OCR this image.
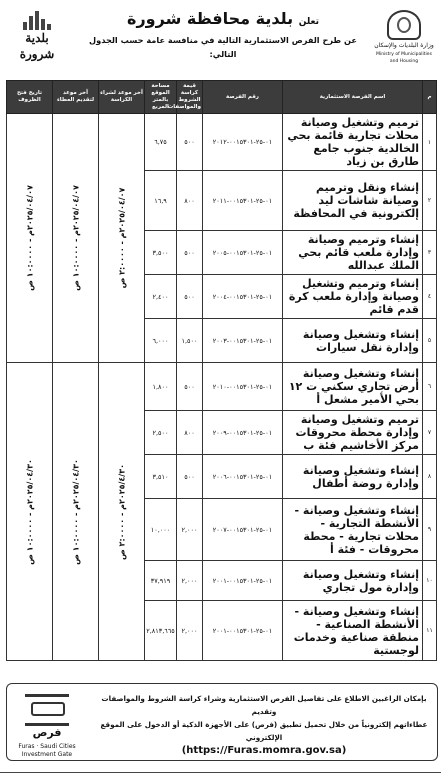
وزارة البلديات والإسكان
Ministry of Municipalities and Housing
تعلن بلدية محافظة شرورة
عن طرح الفرص الاستثمارية التالية في منافسة عامة حسب الجدول التالي:
بلدية شرورة
م	اسم الفرصة الاستثمارية	رقم الفرصة	قيمة كراسة الشروط والمواصفات	مساحة الموقع بالمتر المربع	آخر موعد لشراء الكراسة	آخر موعد لتقديم العطاء	تاريخ فتح الظروف
١	ترميم وتشغيل وصيانة محلات تجارية قائمة بحي الخالدية جنوب جامع طارق بن زياد	٠١-٢٥-٠٠١٥٣٠١-٢٠١٢	٥٠٠	٦,٧٥	٢٠٢٥/٠٤/٠٧م - ٢:٠٠٠٠ ص	٢٠٢٥/٠٤/٠٧م - ١٠:٠٠٠٠ ص	٢٠٢٥/٠٤/٠٧م - ١٠:٠٠٠٠ ص

٢	إنشاء ونقل وترميم وصيانة شاشات ليد إلكترونية في المحافظة	٠١-٢٥-٠٠١٥٣٠١-٢٠١١	٨٠٠	١٦,٩			
٣	إنشاء وترميم وصيانة وإدارة ملعب قائم بحي الملك عبدالله	٠١-٢٥-٠٠١٥٣٠١-٢٠٠٥	٥٠٠	٣,٥٠٠			
٤	إنشاء وترميم وتشغيل وصيانة وإدارة ملعب كرة قدم قائم	٠١-٢٥-٠٠١٥٣٠١-٢٠٠٤	٥٠٠	٢,٤٠٠			
٥	إنشاء وتشغيل وصيانة وإدارة نقل سيارات	٠١-٢٥-٠٠١٥٣٠١-٢٠٠٣	١,٥٠٠	٦,٠٠٠			
٦	إنشاء وتشغيل وصيانة أرض تجاري سكني ت ١٢ بحي الأمير مشعل أ	٠١-٢٥-٠٠١٥٣٠١-٢٠١٠	٥٠٠	١,٨٠٠	٢٠٢٥/٤/٣٠م - ٢:٠٠٠٠ ص	٢٠٢٥/٠٤/٣٠م - ١٠:٠٠٠٠ ص	٢٠٢٥/٠٤/٣٠م - ١٠:٠٠٠٠ ص

٧	ترميم وتشغيل وصيانة وإدارة محطة محروقات مركز الأخاشيم فئة ب	٠١-٢٥-٠٠١٥٣٠١-٢٠٠٩	٨٠٠	٢,٥٠٠			
٨	إنشاء وتشغيل وصيانة وإدارة روضة أطفال	٠١-٢٥-٠٠١٥٣٠١-٢٠٠٦	٥٠٠	٣,٥١٠			
٩	إنشاء وتشغيل وصيانة - الأنشطة التجارية - محلات تجارية - محطة محروقات - فئة أ	٠١-٢٥-٠٠١٥٣٠١-٢٠٠٧	٢,٠٠٠	١٠,٠٠٠			
١٠	إنشاء وتشغيل وصيانة وإدارة مول تجاري	٠١-٢٥-٠٠١٥٣٠١-٢٠٠١	٢,٠٠٠	٣٧,٩١٩			
١١	إنشاء وتشغيل وصيانة - الأنشطة الصناعية - منطقة صناعية وخدمات لوجستية	٠١-٢٥-٠٠١٥٣٠١-٢٠٠١	٢,٠٠٠	٢,٨١٣,٦٦٥			
بإمكان الراغبين الاطلاع على تفاصيل الفرص الاستثمارية وشراء كراسة الشروط والمواصفات وتقديم
عطاءاتهم إلكترونياً من خلال تحميل تطبيق (فرص) على الأجهزة الذكية أو الدخول على الموقع الإلكتروني
(https://Furas.momra.gov.sa)
فرص
Furas · Saudi Cities Investment Gate
